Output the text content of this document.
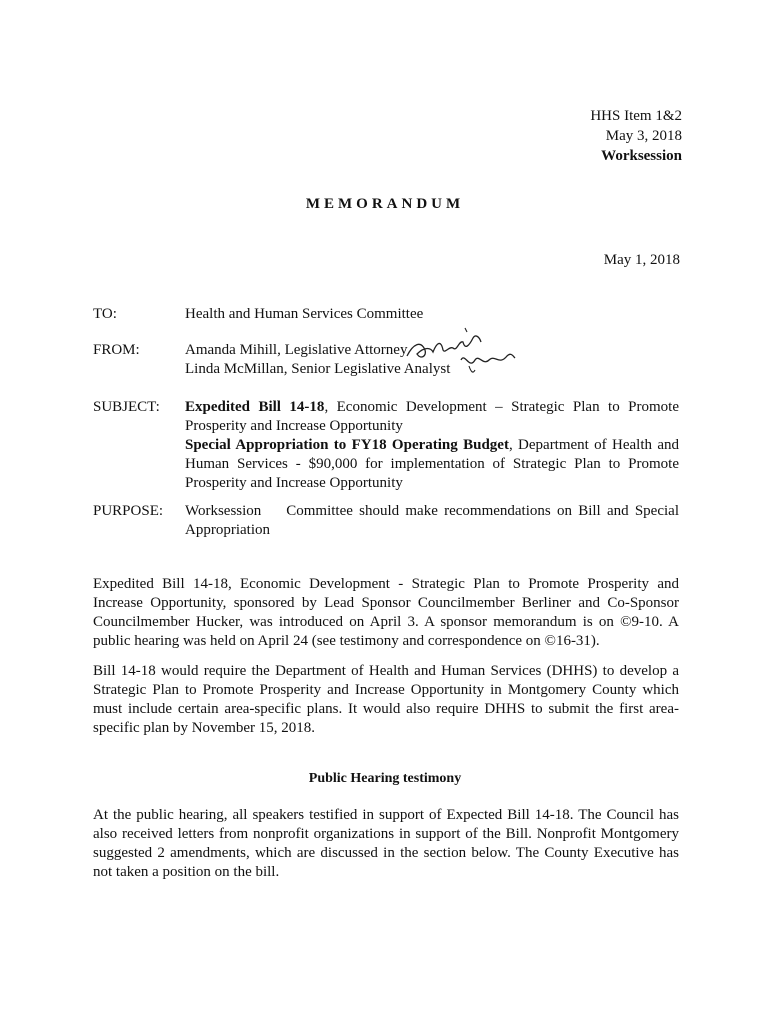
HHS Item 1&2
May 3, 2018
Worksession
MEMORANDUM
May 1, 2018
TO:	Health and Human Services Committee
FROM:	Amanda Mihill, Legislative Attorney
Linda McMillan, Senior Legislative Analyst
SUBJECT:	Expedited Bill 14-18, Economic Development – Strategic Plan to Promote Prosperity and Increase Opportunity

Special Appropriation to FY18 Operating Budget, Department of Health and Human Services - $90,000 for implementation of Strategic Plan to Promote Prosperity and Increase Opportunity

PURPOSE:	Worksession    Committee should make recommendations on Bill and Special Appropriation

Expedited Bill 14-18, Economic Development - Strategic Plan to Promote Prosperity and Increase Opportunity, sponsored by Lead Sponsor Councilmember Berliner and Co-Sponsor Councilmember Hucker, was introduced on April 3. A sponsor memorandum is on ©9-10. A public hearing was held on April 24 (see testimony and correspondence on ©16-31).

Bill 14-18 would require the Department of Health and Human Services (DHHS) to develop a Strategic Plan to Promote Prosperity and Increase Opportunity in Montgomery County which must include certain area-specific plans. It would also require DHHS to submit the first area-specific plan by November 15, 2018.

Public Hearing testimony

At the public hearing, all speakers testified in support of Expected Bill 14-18. The Council has also received letters from nonprofit organizations in support of the Bill. Nonprofit Montgomery suggested 2 amendments, which are discussed in the section below. The County Executive has not taken a position on the bill.
